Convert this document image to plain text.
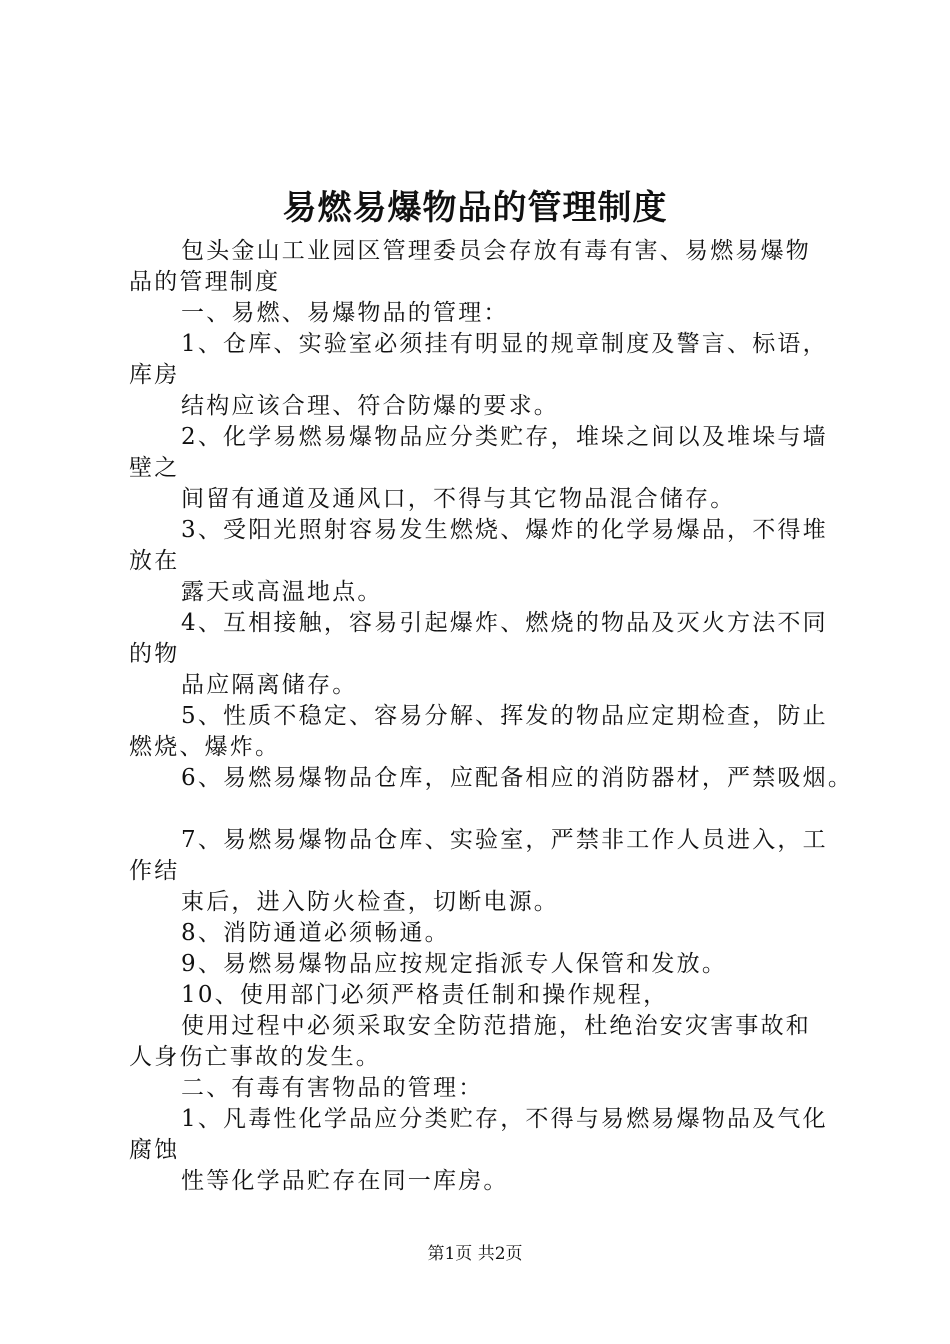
易燃易爆物品的管理制度
包头金山工业园区管理委员会存放有毒有害、易燃易爆物
品的管理制度
一、易燃、易爆物品的管理：
1、仓库、实验室必须挂有明显的规章制度及警言、标语，
库房
结构应该合理、符合防爆的要求。
2、化学易燃易爆物品应分类贮存，堆垛之间以及堆垛与墙
壁之
间留有通道及通风口，不得与其它物品混合储存。
3、受阳光照射容易发生燃烧、爆炸的化学易爆品，不得堆
放在
露天或高温地点。
4、互相接触，容易引起爆炸、燃烧的物品及灭火方法不同
的物
品应隔离储存。
5、性质不稳定、容易分解、挥发的物品应定期检查，防止
燃烧、爆炸。
6、易燃易爆物品仓库，应配备相应的消防器材，严禁吸烟。
7、易燃易爆物品仓库、实验室，严禁非工作人员进入，工
作结
束后，进入防火检查，切断电源。
8、消防通道必须畅通。
9、易燃易爆物品应按规定指派专人保管和发放。
10、使用部门必须严格责任制和操作规程，
使用过程中必须采取安全防范措施，杜绝治安灾害事故和
人身伤亡事故的发生。
二、有毒有害物品的管理：
1、凡毒性化学品应分类贮存，不得与易燃易爆物品及气化
腐蚀
性等化学品贮存在同一库房。
第1页 共2页
